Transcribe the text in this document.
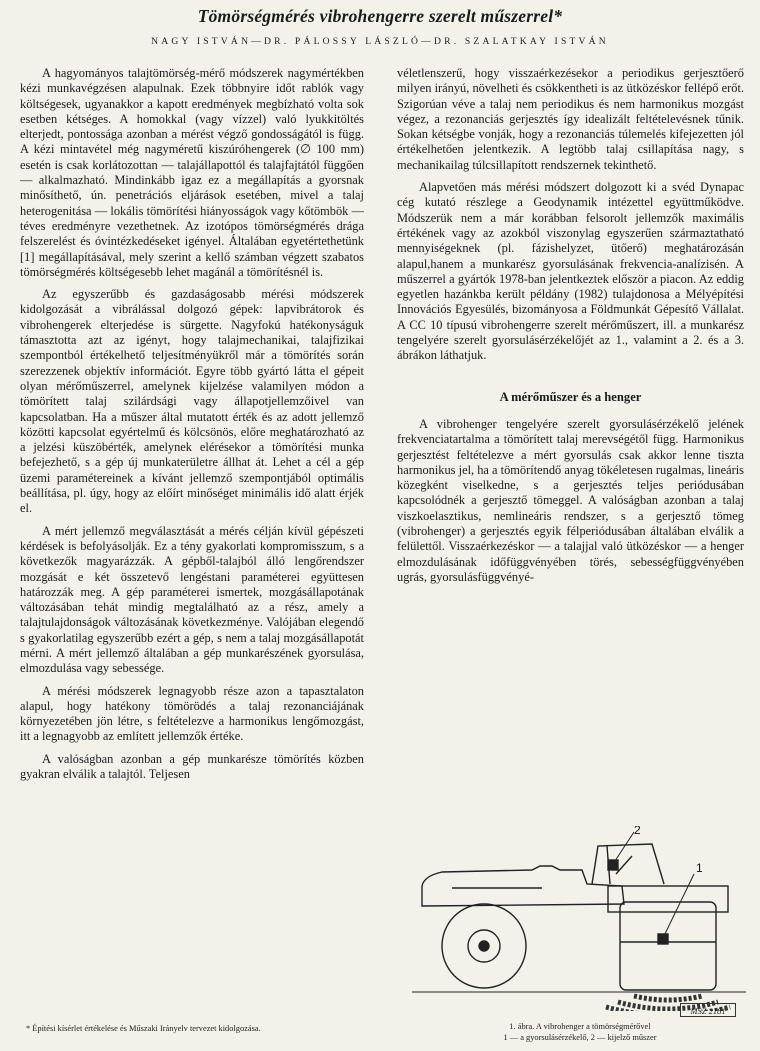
Tömörségmérés vibrohengerre szerelt műszerrel*
NAGY ISTVÁN—DR. PÁLOSSY LÁSZLÓ—DR. SZALATKAY ISTVÁN

A hagyományos talajtömörség-mérő módszerek nagymértékben kézi munkavégzésen alapulnak. Ezek többnyire időt rablók vagy költségesek, ugyanakkor a kapott eredmények megbízható volta sok esetben kétséges. A homokkal (vagy vízzel) való lyukkitöltés elterjedt, pontossága azonban a mérést végző gondosságától is függ. A kézi mintavétel még nagyméretű kiszúróhengerek (∅ 100 mm) esetén is csak korlátozottan — talajállapottól és talajfajtától függően — alkalmazható. Mindinkább igaz ez a megállapítás a gyorsnak minősíthető, ún. penetrációs eljárások esetében, mivel a talaj heterogenitása — lokális tömörítési hiányosságok vagy kőtömbök — téves eredményre vezethetnek. Az izotópos tömörségmérés drága felszerelést és óvintézkedéseket igényel. Általában egyetértethetünk [1] megállapításával, mely szerint a kellő számban végzett szabatos tömörségmérés költségesebb lehet magánál a tömörítésnél is.

Az egyszerűbb és gazdaságosabb mérési módszerek kidolgozását a vibrálással dolgozó gépek: lapvibrátorok és vibrohengerek elterjedése is sürgette. Nagyfokú hatékonyságuk támasztotta azt az igényt, hogy talajmechanikai, talajfizikai szempontból értékelhető teljesítményükről már a tömörítés során szerezzenek objektív információt. Egyre több gyártó látta el gépeit olyan mérőműszerrel, amelynek kijelzése valamilyen módon a tömörített talaj szilárdsági vagy állapotjellemzőivel van kapcsolatban. Ha a műszer által mutatott érték és az adott jellemző közötti kapcsolat egyértelmű és kölcsönös, előre meghatározható az a jelzési küszöbérték, amelynek elérésekor a tömörítési munka befejezhető, s a gép új munkaterületre állhat át. Lehet a cél a gép üzemi paramétereinek a kívánt jellemző szempontjából optimális beállítása, pl. úgy, hogy az előírt minőséget minimális idő alatt érjék el.

A mért jellemző megválasztását a mérés célján kívül gépészeti kérdések is befolyásolják. Ez a tény gyakorlati kompromisszum, s a következők magyarázzák. A gépből-talajból álló lengőrendszer mozgását e két összetevő lengéstani paraméterei együttesen határozzák meg. A gép paraméterei ismertek, mozgásállapotának változásában tehát mindig megtalálható az a rész, amely a talajtulajdonságok változásának következménye. Valójában elegendő s gyakorlatilag egyszerűbb ezért a gép, s nem a talaj mozgásállapotát mérni. A mért jellemző általában a gép munkarészének gyorsulása, elmozdulása vagy sebessége.

A mérési módszerek legnagyobb része azon a tapasztalaton alapul, hogy hatékony tömörödés a talaj rezonanciájának környezetében jön létre, s feltételezve a harmonikus lengőmozgást, itt a legnagyobb az említett jellemzők értéke.

A valóságban azonban a gép munkarésze tömörítés közben gyakran elválik a talajtól. Teljesen

véletlenszerű, hogy visszaérkezésekor a periodikus gerjesztőerő milyen irányú, növelheti és csökkentheti is az ütközéskor fellépő erőt. Szigorúan véve a talaj nem periodikus és nem harmonikus mozgást végez, a rezonanciás gerjesztés így idealizált feltételevésnek tűnik. Sokan kétségbe vonják, hogy a rezonanciás túlemelés kifejezetten jól értékelhetően jelentkezik. A legtöbb talaj csillapítása nagy, s mechanikailag túlcsillapított rendszernek tekinthető.

Alapvetően más mérési módszert dolgozott ki a svéd Dynapac cég kutató részlege a Geodynamik intézettel együttműködve. Módszerük nem a már korábban felsorolt jellemzők maximális értékének vagy az azokból viszonylag egyszerűen származtatható mennyiségeknek (pl. fázishelyzet, ütőerő) meghatározásán alapul,hanem a munkarész gyorsulásának frekvencia-analízisén. A műszerrel a gyártók 1978-ban jelentkeztek először a piacon. Az eddig egyetlen hazánkba került példány (1982) tulajdonosa a Mélyépítési Innovációs Egyesülés, bizományosa a Földmunkát Gépesítő Vállalat. A CC 10 típusú vibrohengerre szerelt mérőműszert, ill. a munkarész tengelyére szerelt gyorsulásérzékelőjét az 1., valamint a 2. és a 3. ábrákon láthatjuk.

A mérőműszer és a henger

A vibrohenger tengelyére szerelt gyorsulásérzékelő jelének frekvenciatartalma a tömörített talaj merevségétől függ. Harmonikus gerjesztést feltételezve a mért gyorsulás csak akkor lenne tiszta harmonikus jel, ha a tömörítendő anyag tökéletesen rugalmas, lineáris közegként viselkedne, s a gerjesztés teljes periódusában kapcsolódnék a gerjesztő tömeggel. A valóságban azonban a talaj viszkoelasztikus, nemlineáris rendszer, s a gerjesztő tömeg (vibrohenger) a gerjesztés egyik félperiódusában általában elválik a felülettől. Visszaérkezéskor — a talajjal való ütközéskor — a henger elmozdulásának időfüggvényében törés, sebességfüggvényében ugrás, gyorsulásfüggvényé-

* Építési kísérlet értékelése és Műszaki Irányelv tervezet kidolgozása.
2
1
MSZ 2181
1. ábra. A vibrohenger a tömörségmérővel
1 — a gyorsulásérzékelő, 2 — kijelző műszer
